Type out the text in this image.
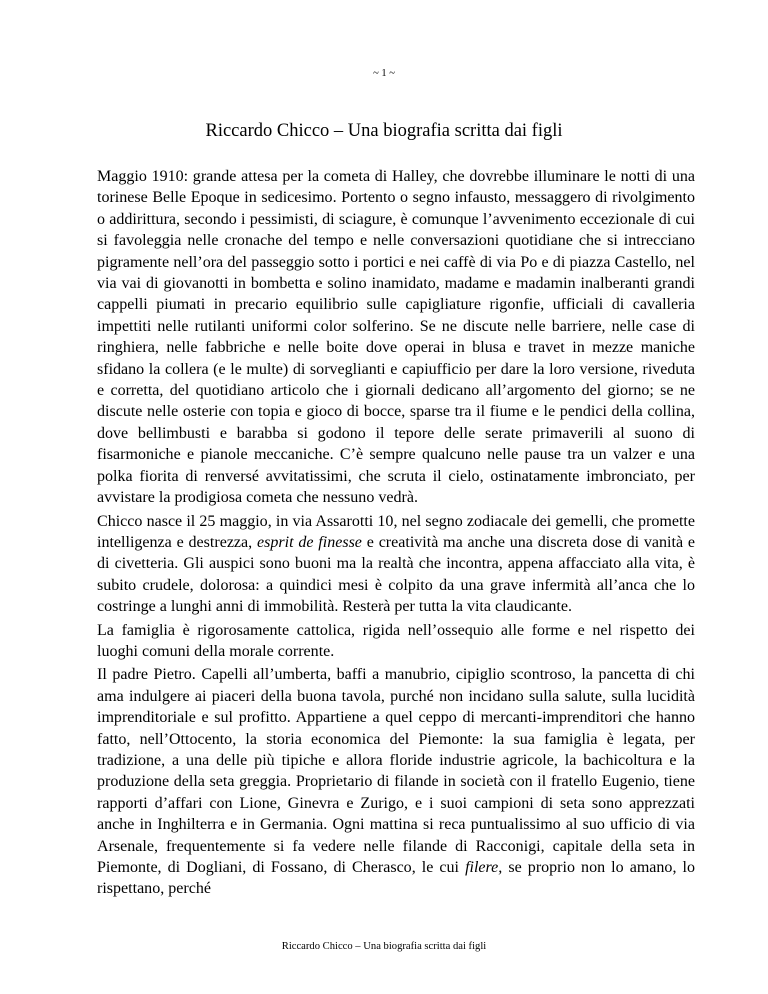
~ 1 ~
Riccardo Chicco – Una biografia scritta dai figli

Maggio 1910: grande attesa per la cometa di Halley, che dovrebbe illuminare le notti di una torinese Belle Epoque in sedicesimo. Portento o segno infausto, messaggero di rivolgimento o addirittura, secondo i pessimisti, di sciagure, è comunque l’avvenimento eccezionale di cui si favoleggia nelle cronache del tempo e nelle conversazioni quotidiane che si intrecciano pigramente nell’ora del passeggio sotto i portici e nei caffè di via Po e di piazza Castello, nel via vai di giovanotti in bombetta e solino inamidato, madame e madamin inalberanti grandi cappelli piumati in precario equilibrio sulle capigliature rigonfie, ufficiali di cavalleria impettiti nelle rutilanti uniformi color solferino. Se ne discute nelle barriere, nelle case di ringhiera, nelle fabbriche e nelle boite dove operai in blusa e travet in mezze maniche sfidano la collera (e le multe) di sorveglianti e capiufficio per dare la loro versione, riveduta e corretta, del quotidiano articolo che i giornali dedicano all’argomento del giorno; se ne discute nelle osterie con topia e gioco di bocce, sparse tra il fiume e le pendici della collina, dove bellimbusti e barabba si godono il tepore delle serate primaverili al suono di fisarmoniche e pianole meccaniche. C’è sempre qualcuno nelle pause tra un valzer e una polka fiorita di renversé avvitatissimi, che scruta il cielo, ostinatamente imbronciato, per avvistare la prodigiosa cometa che nessuno vedrà.

Chicco nasce il 25 maggio, in via Assarotti 10, nel segno zodiacale dei gemelli, che promette intelligenza e destrezza, esprit de finesse e creatività ma anche una discreta dose di vanità e di civetteria. Gli auspici sono buoni ma la realtà che incontra, appena affacciato alla vita, è subito crudele, dolorosa: a quindici mesi è colpito da una grave infermità all’anca che lo costringe a lunghi anni di immobilità. Resterà per tutta la vita claudicante.

La famiglia è rigorosamente cattolica, rigida nell’ossequio alle forme e nel rispetto dei luoghi comuni della morale corrente.

Il padre Pietro. Capelli all’umberta, baffi a manubrio, cipiglio scontroso, la pancetta di chi ama indulgere ai piaceri della buona tavola, purché non incidano sulla salute, sulla lucidità imprenditoriale e sul profitto. Appartiene a quel ceppo di mercanti-imprenditori che hanno fatto, nell’Ottocento, la storia economica del Piemonte: la sua famiglia è legata, per tradizione, a una delle più tipiche e allora floride industrie agricole, la bachicoltura e la produzione della seta greggia. Proprietario di filande in società con il fratello Eugenio, tiene rapporti d’affari con Lione, Ginevra e Zurigo, e i suoi campioni di seta sono apprezzati anche in Inghilterra e in Germania. Ogni mattina si reca puntualissimo al suo ufficio di via Arsenale, frequentemente si fa vedere nelle filande di Racconigi, capitale della seta in Piemonte, di Dogliani, di Fossano, di Cherasco, le cui filere, se proprio non lo amano, lo rispettano, perché

Riccardo Chicco – Una biografia scritta dai figli
